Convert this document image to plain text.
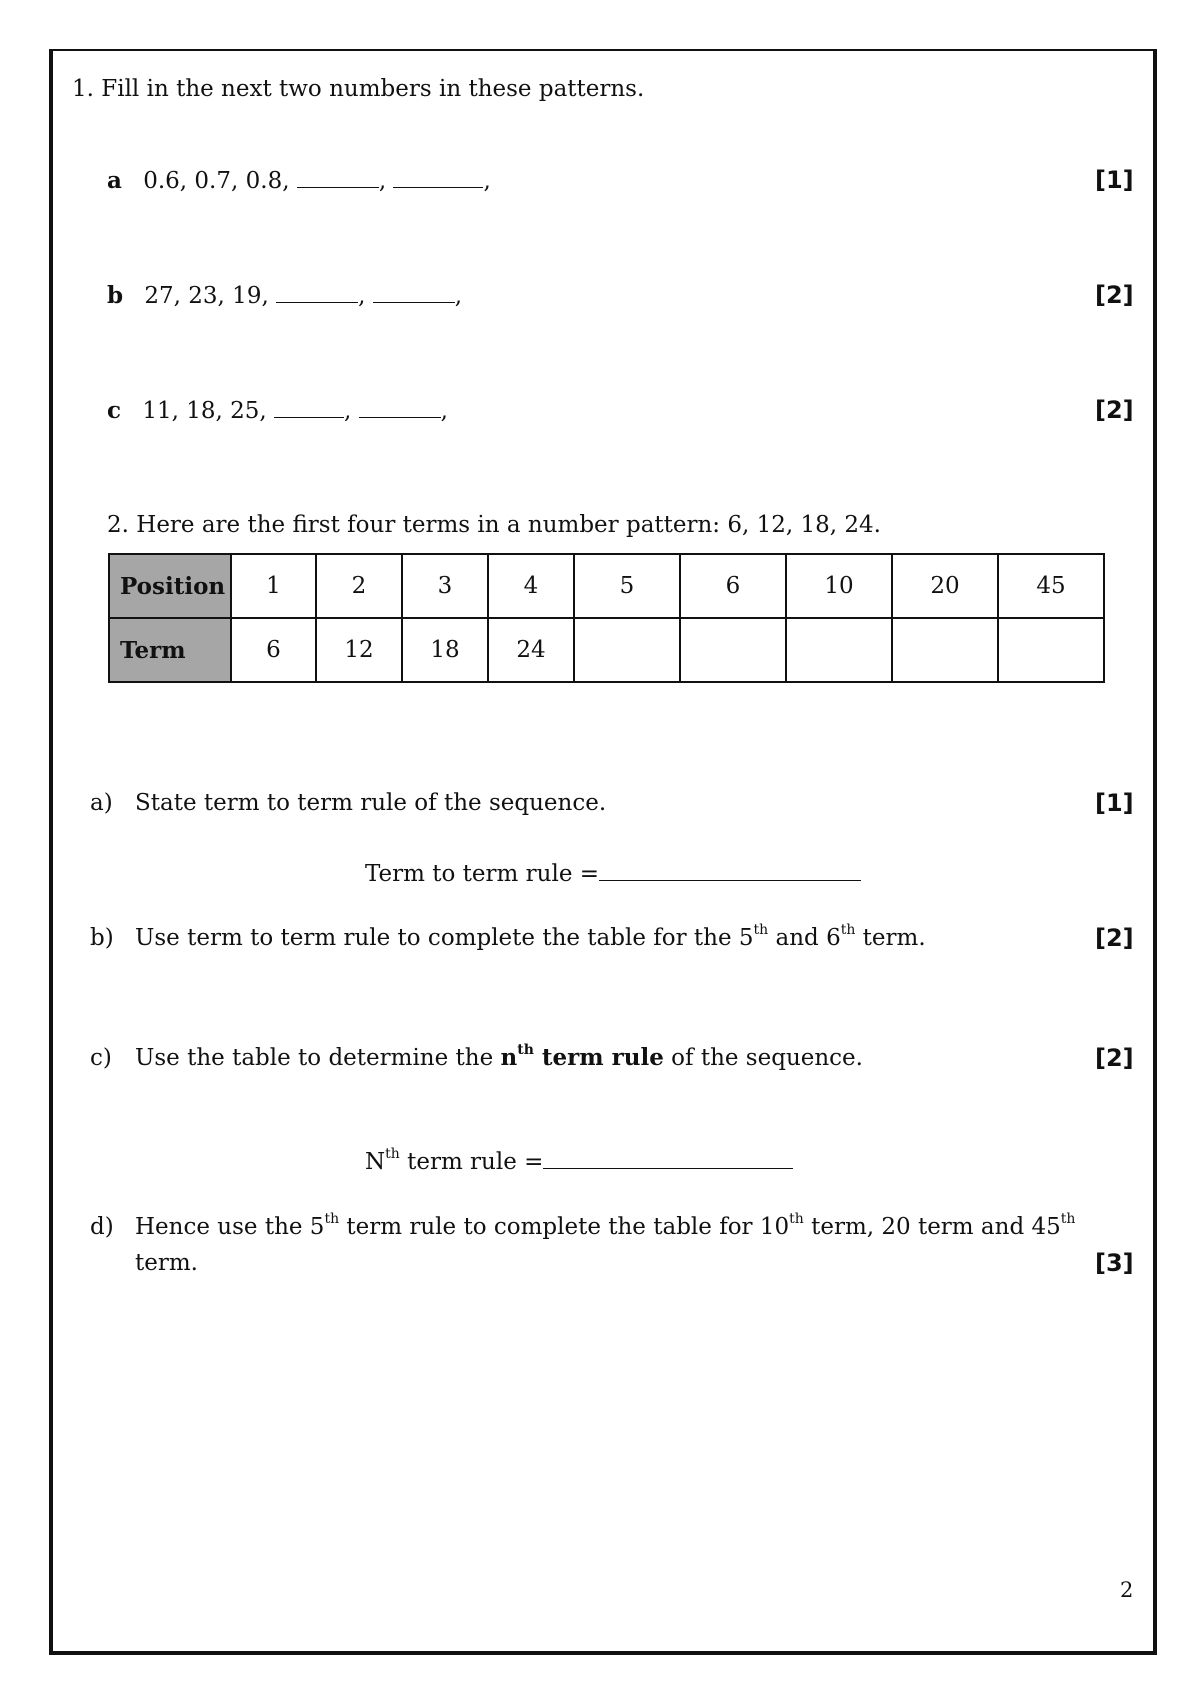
1. Fill in the next two numbers in these patterns.
a 0.6, 0.7, 0.8,	,	,	[1]
b 27, 23, 19,	,	,	[2]
c 11, 18, 25,	,	,	[2]
2. Here are the first four terms in a number pattern: 6, 12, 18, 24.
Position	1	2	3	4	5	6	10	20	45
Term	6	12	18	24					
a) State term to term rule of the sequence.	[1]
Term to term rule =
b) Use term to term rule to complete the table for the 5th and 6th term.	[2]
c) Use the table to determine the $n^{th}$ term rule of the sequence.	[2]
$N^{th}$ term rule =
d) Hence use the 5th term rule to complete the table for 10th term, 20 term and 45th
term.	[3]
2
